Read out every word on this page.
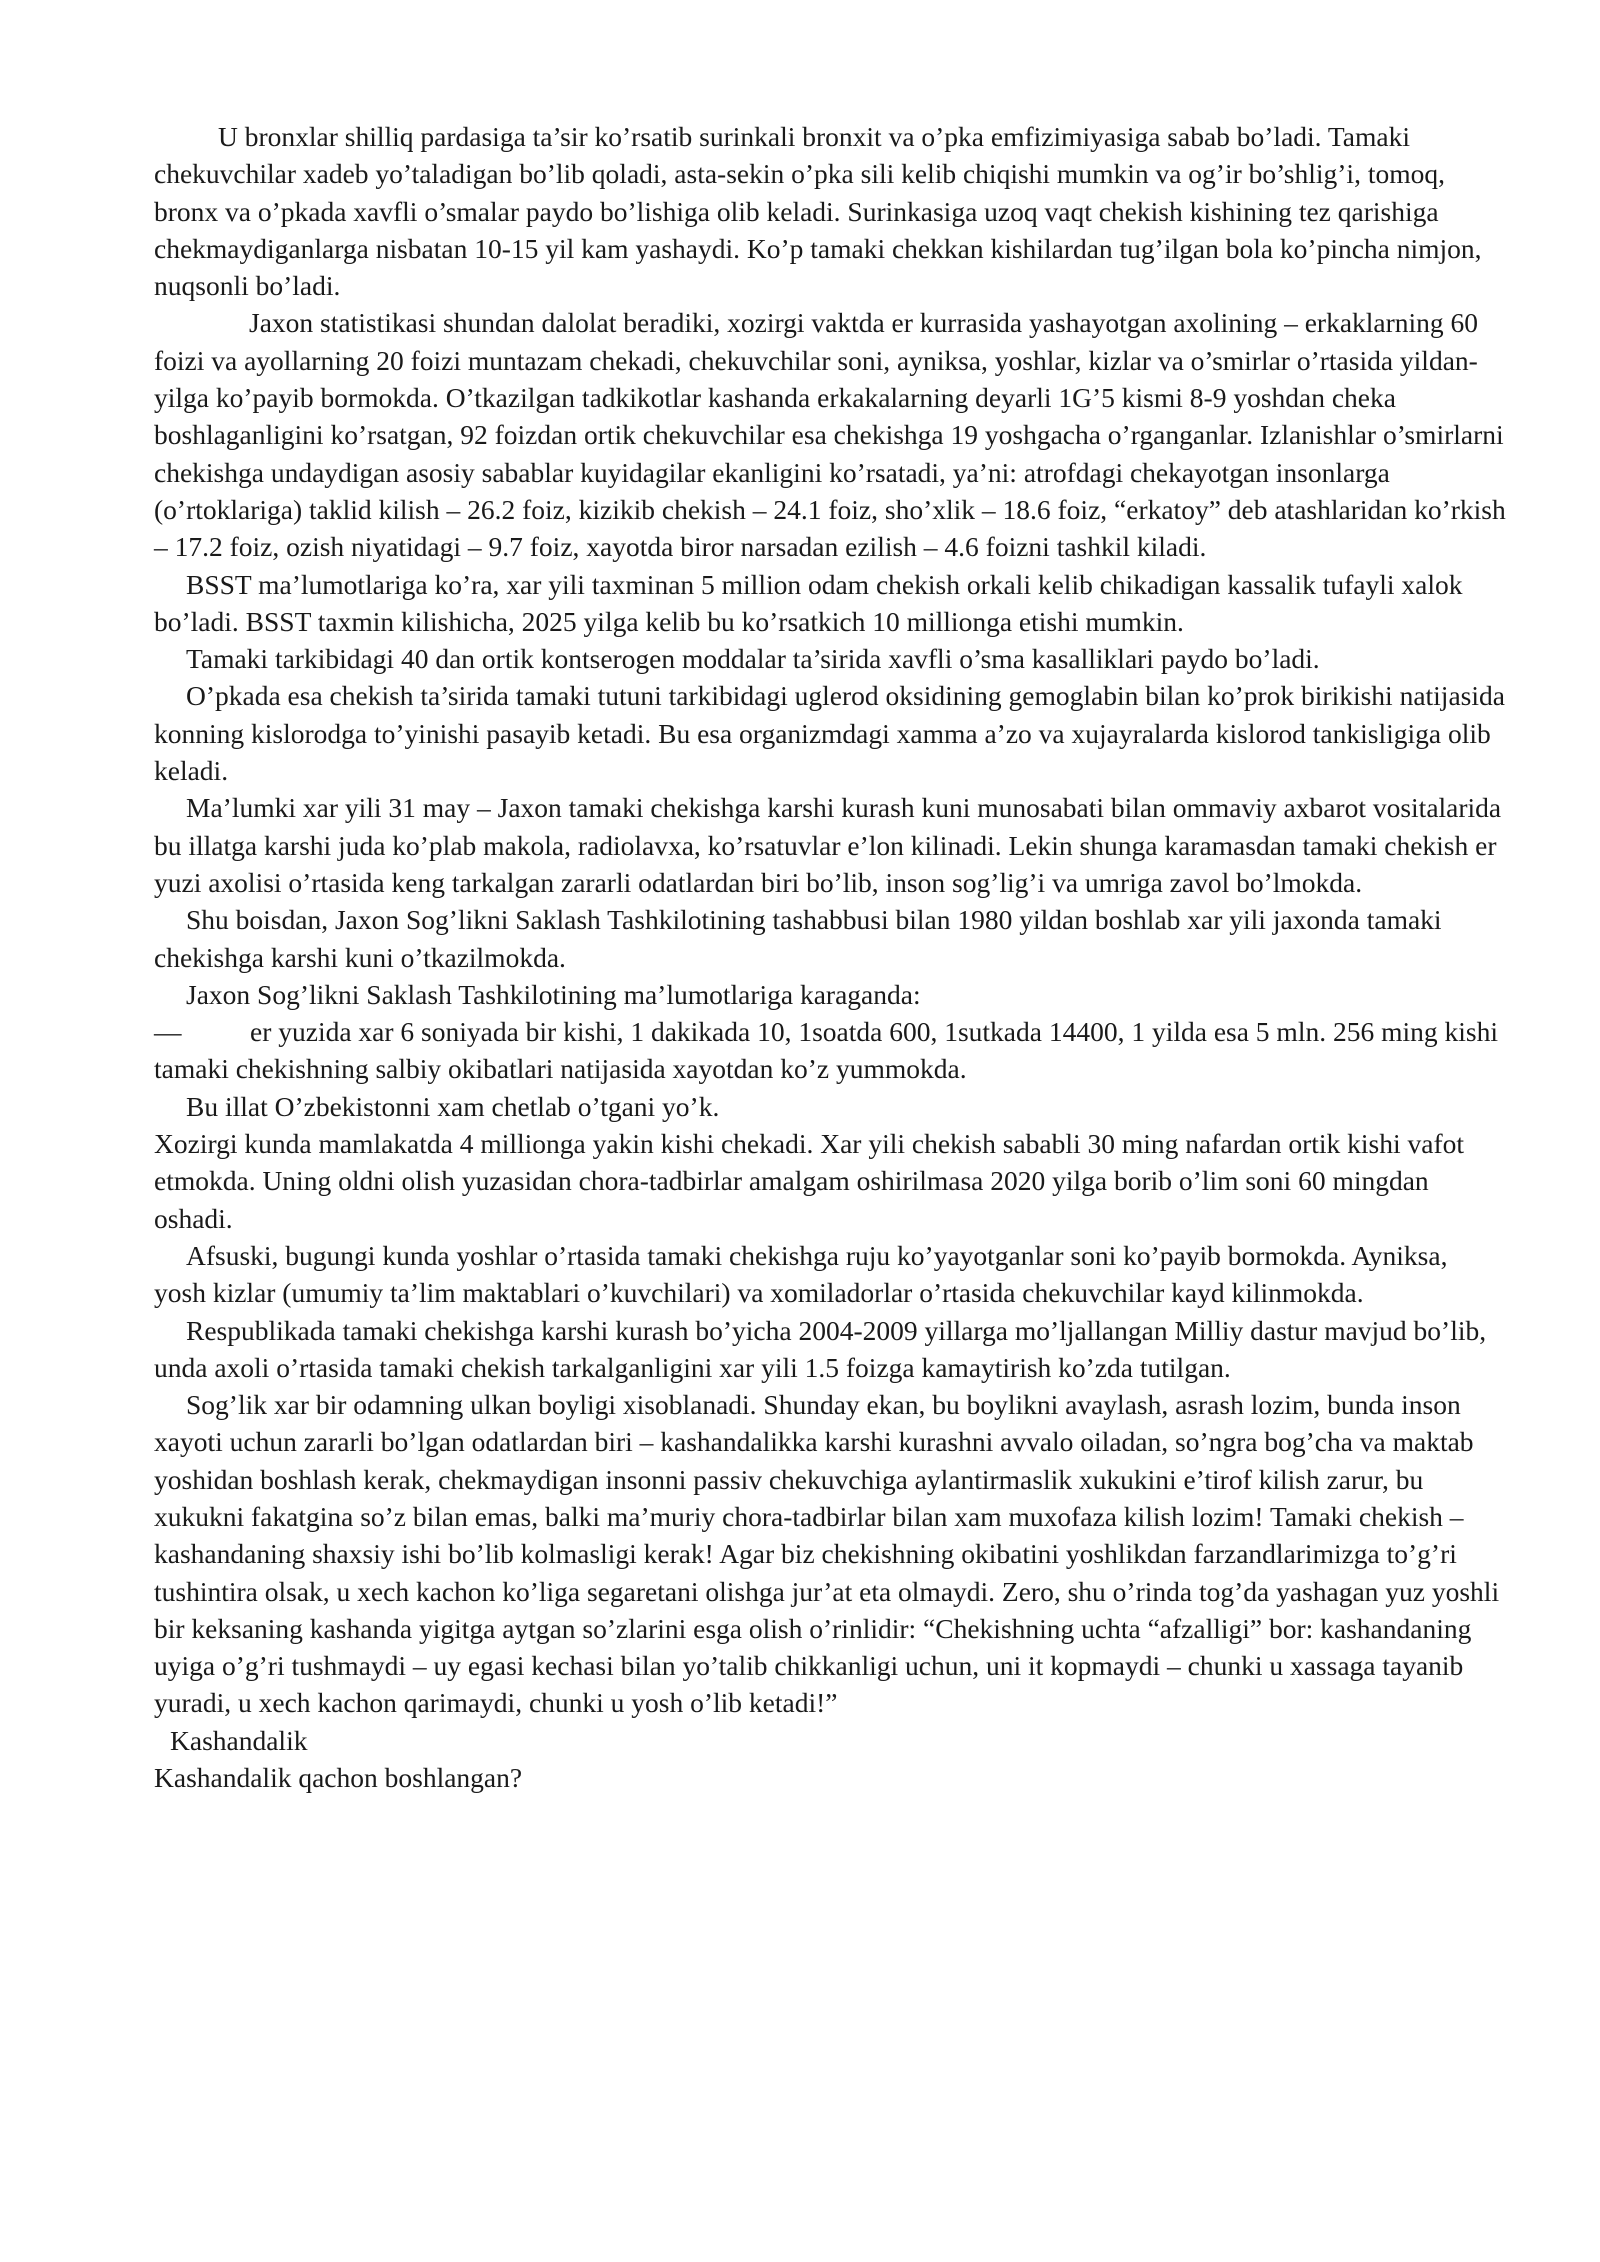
U bronxlar shilliq pardasiga ta’sir ko’rsatib surinkali bronxit va o’pka emfizimiyasiga sabab bo’ladi. Tamaki chekuvchilar xadeb yo’taladigan bo’lib qoladi, asta-sekin o’pka sili kelib chiqishi mumkin va og’ir bo’shlig’i, tomoq, bronx va o’pkada xavfli o’smalar paydo bo’lishiga olib keladi. Surinkasiga uzoq vaqt chekish kishining tez qarishiga chekmaydiganlarga nisbatan 10-15 yil kam yashaydi. Ko’p tamaki chekkan kishilardan tug’ilgan bola ko’pincha nimjon, nuqsonli bo’ladi.

Jaxon statistikasi shundan dalolat beradiki, xozirgi vaktda er kurrasida yashayotgan axolining – erkaklarning 60 foizi va ayollarning 20 foizi muntazam chekadi, chekuvchilar soni, ayniksa, yoshlar, kizlar va o’smirlar o’rtasida yildan-yilga ko’payib bormokda. O’tkazilgan tadkikotlar kashanda erkakalarning deyarli 1G’5 kismi 8-9 yoshdan cheka boshlaganligini ko’rsatgan, 92 foizdan ortik chekuvchilar esa chekishga 19 yoshgacha o’rganganlar. Izlanishlar o’smirlarni chekishga undaydigan asosiy sabablar kuyidagilar ekanligini ko’rsatadi, ya’ni: atrofdagi chekayotgan insonlarga (o’rtoklariga) taklid kilish – 26.2 foiz, kizikib chekish – 24.1 foiz, sho’xlik – 18.6 foiz, “erkatoy” deb atashlaridan ko’rkish – 17.2 foiz, ozish niyatidagi – 9.7 foiz, xayotda biror narsadan ezilish – 4.6 foizni tashkil kiladi.

BSST ma’lumotlariga ko’ra, xar yili taxminan 5 million odam chekish orkali kelib chikadigan kassalik tufayli xalok bo’ladi. BSST taxmin kilishicha, 2025 yilga kelib bu ko’rsatkich 10 millionga etishi mumkin.

Tamaki tarkibidagi 40 dan ortik kontserogen moddalar ta’sirida xavfli o’sma kasalliklari paydo bo’ladi.

O’pkada esa chekish ta’sirida tamaki tutuni tarkibidagi uglerod oksidining gemoglabin bilan ko’prok birikishi natijasida konning kislorodga to’yinishi pasayib ketadi. Bu esa organizmdagi xamma a’zo va xujayralarda kislorod tankisligiga olib keladi.

Ma’lumki xar yili 31 may – Jaxon tamaki chekishga karshi kurash kuni munosabati bilan ommaviy axbarot vositalarida bu illatga karshi juda ko’plab makola, radiolavxa, ko’rsatuvlar e’lon kilinadi. Lekin shunga karamasdan tamaki chekish er yuzi axolisi o’rtasida keng tarkalgan zararli odatlardan biri bo’lib, inson sog’lig’i va umriga zavol bo’lmokda.

Shu boisdan, Jaxon Sog’likni Saklash Tashkilotining tashabbusi bilan 1980 yildan boshlab xar yili jaxonda tamaki chekishga karshi kuni o’tkazilmokda.

Jaxon Sog’likni Saklash Tashkilotining ma’lumotlariga karaganda:

— er yuzida xar 6 soniyada bir kishi, 1 dakikada 10, 1soatda 600, 1sutkada 14400, 1 yilda esa 5 mln. 256 ming kishi tamaki chekishning salbiy okibatlari natijasida xayotdan ko’z yummokda.

Bu illat O’zbekistonni xam chetlab o’tgani yo’k.

Xozirgi kunda mamlakatda 4 millionga yakin kishi chekadi. Xar yili chekish sababli 30 ming nafardan ortik kishi vafot etmokda. Uning oldni olish yuzasidan chora-tadbirlar amalgam oshirilmasa 2020 yilga borib o’lim soni 60 mingdan oshadi.

Afsuski, bugungi kunda yoshlar o’rtasida tamaki chekishga ruju ko’yayotganlar soni ko’payib bormokda. Ayniksa, yosh kizlar (umumiy ta’lim maktablari o’kuvchilari) va xomiladorlar o’rtasida chekuvchilar kayd kilinmokda.

Respublikada tamaki chekishga karshi kurash bo’yicha 2004-2009 yillarga mo’ljallangan Milliy dastur mavjud bo’lib, unda axoli o’rtasida tamaki chekish tarkalganligini xar yili 1.5 foizga kamaytirish ko’zda tutilgan.

Sog’lik xar bir odamning ulkan boyligi xisoblanadi. Shunday ekan, bu boylikni avaylash, asrash lozim, bunda inson xayoti uchun zararli bo’lgan odatlardan biri – kashandalikka karshi kurashni avvalo oiladan, so’ngra bog’cha va maktab yoshidan boshlash kerak, chekmaydigan insonni passiv chekuvchiga aylantirmaslik xukukini e’tirof kilish zarur, bu xukukni fakatgina so’z bilan emas, balki ma’muriy chora-tadbirlar bilan xam muxofaza kilish lozim! Tamaki chekish – kashandaning shaxsiy ishi bo’lib kolmasligi kerak! Agar biz chekishning okibatini yoshlikdan farzandlarimizga to’g’ri tushintira olsak, u xech kachon ko’liga segaretani olishga jur’at eta olmaydi. Zero, shu o’rinda tog’da yashagan yuz yoshli bir keksaning kashanda yigitga aytgan so’zlarini esga olish o’rinlidir: “Chekishning uchta “afzalligi” bor: kashandaning uyiga o’g’ri tushmaydi – uy egasi kechasi bilan yo’talib chikkanligi uchun, uni it kopmaydi – chunki u xassaga tayanib yuradi, u xech kachon qarimaydi, chunki u yosh o’lib ketadi!”

Kashandalik

Kashandalik qachon boshlangan?
